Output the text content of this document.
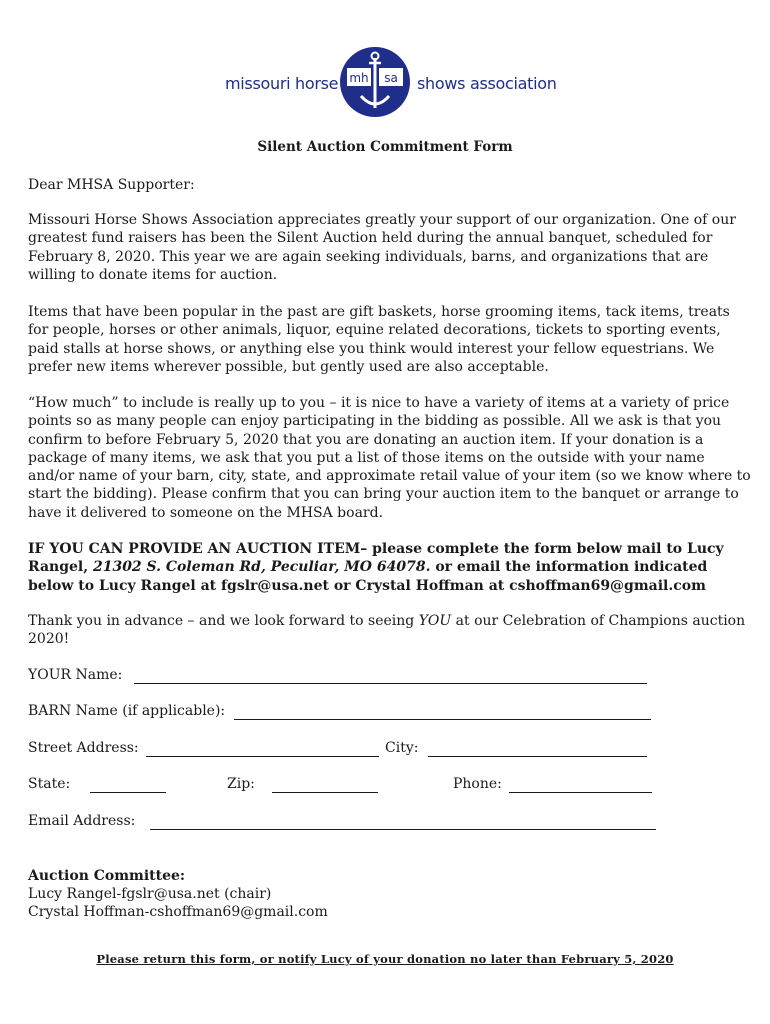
missouri horse mh sa shows association
Silent Auction Commitment Form
Dear MHSA Supporter:
Missouri Horse Shows Association appreciates greatly your support of our organization. One of our greatest fund raisers has been the Silent Auction held during the annual banquet, scheduled for February 8, 2020. This year we are again seeking individuals, barns, and organizations that are willing to donate items for auction.
Items that have been popular in the past are gift baskets, horse grooming items, tack items, treats for people, horses or other animals, liquor, equine related decorations, tickets to sporting events, paid stalls at horse shows, or anything else you think would interest your fellow equestrians. We prefer new items wherever possible, but gently used are also acceptable.
“How much” to include is really up to you – it is nice to have a variety of items at a variety of price points so as many people can enjoy participating in the bidding as possible. All we ask is that you confirm to before February 5, 2020 that you are donating an auction item. If your donation is a package of many items, we ask that you put a list of those items on the outside with your name and/or name of your barn, city, state, and approximate retail value of your item (so we know where to start the bidding). Please confirm that you can bring your auction item to the banquet or arrange to have it delivered to someone on the MHSA board.
IF YOU CAN PROVIDE AN AUCTION ITEM– please complete the form below mail to Lucy Rangel, 21302 S. Coleman Rd, Peculiar, MO 64078. or email the information indicated below to Lucy Rangel at fgslr@usa.net or Crystal Hoffman at cshoffman69@gmail.com
Thank you in advance – and we look forward to seeing YOU at our Celebration of Champions auction 2020!
YOUR Name:
BARN Name (if applicable):
Street Address:	City:
State:	Zip:	Phone:
Email Address:
Auction Committee:
Lucy Rangel-fgslr@usa.net (chair)
Crystal Hoffman-cshoffman69@gmail.com
Please return this form, or notify Lucy of your donation no later than February 5, 2020
